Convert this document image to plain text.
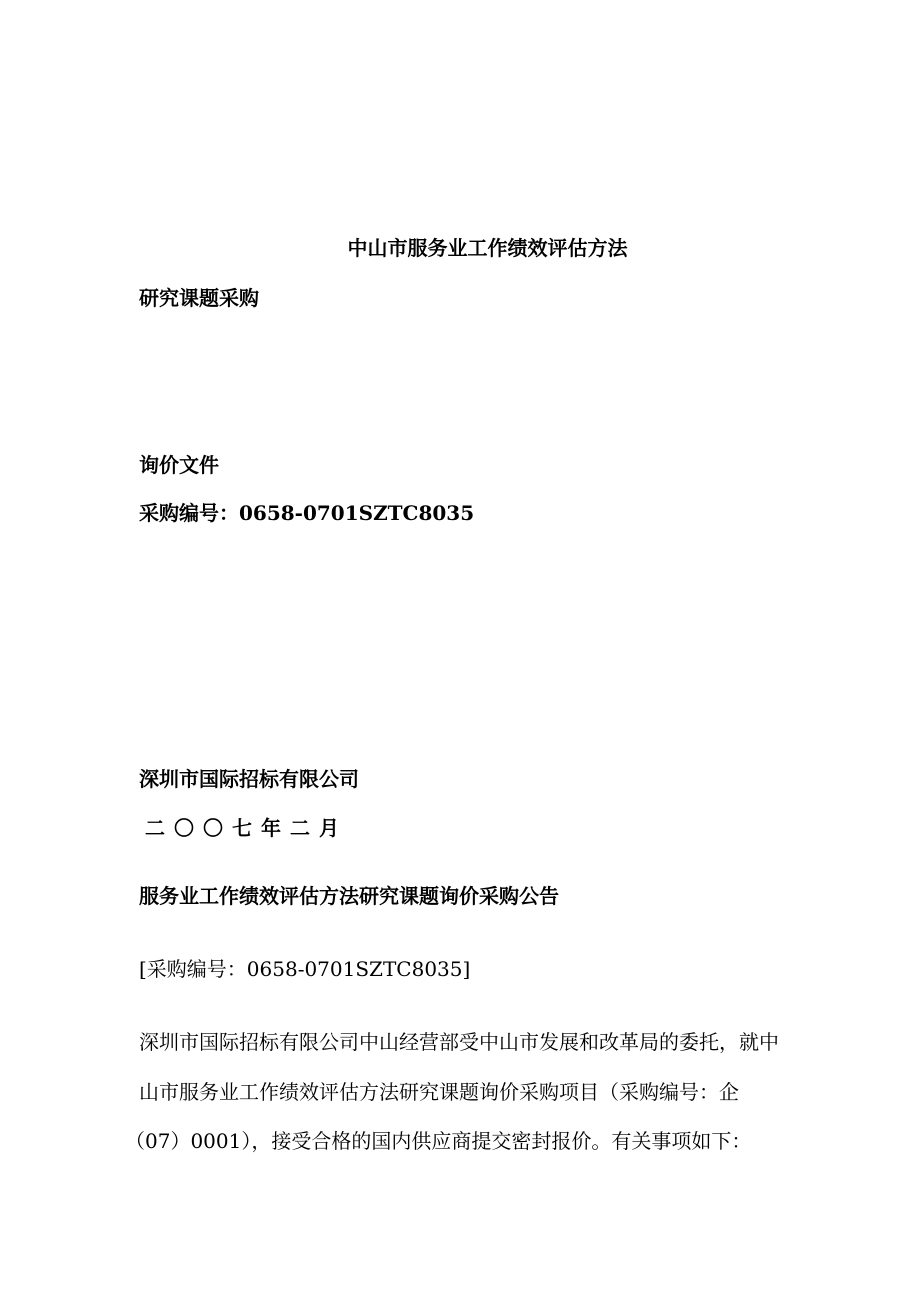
中山市服务业工作绩效评估方法
研究课题采购
询价文件
采购编号：0658-0701SZTC8035
深圳市国际招标有限公司
二〇〇七年二月
服务业工作绩效评估方法研究课题询价采购公告
[采购编号：0658-0701SZTC8035]
深圳市国际招标有限公司中山经营部受中山市发展和改革局的委托，就中
山市服务业工作绩效评估方法研究课题询价采购项目（采购编号：企
（07）0001），接受合格的国内供应商提交密封报价。有关事项如下：
